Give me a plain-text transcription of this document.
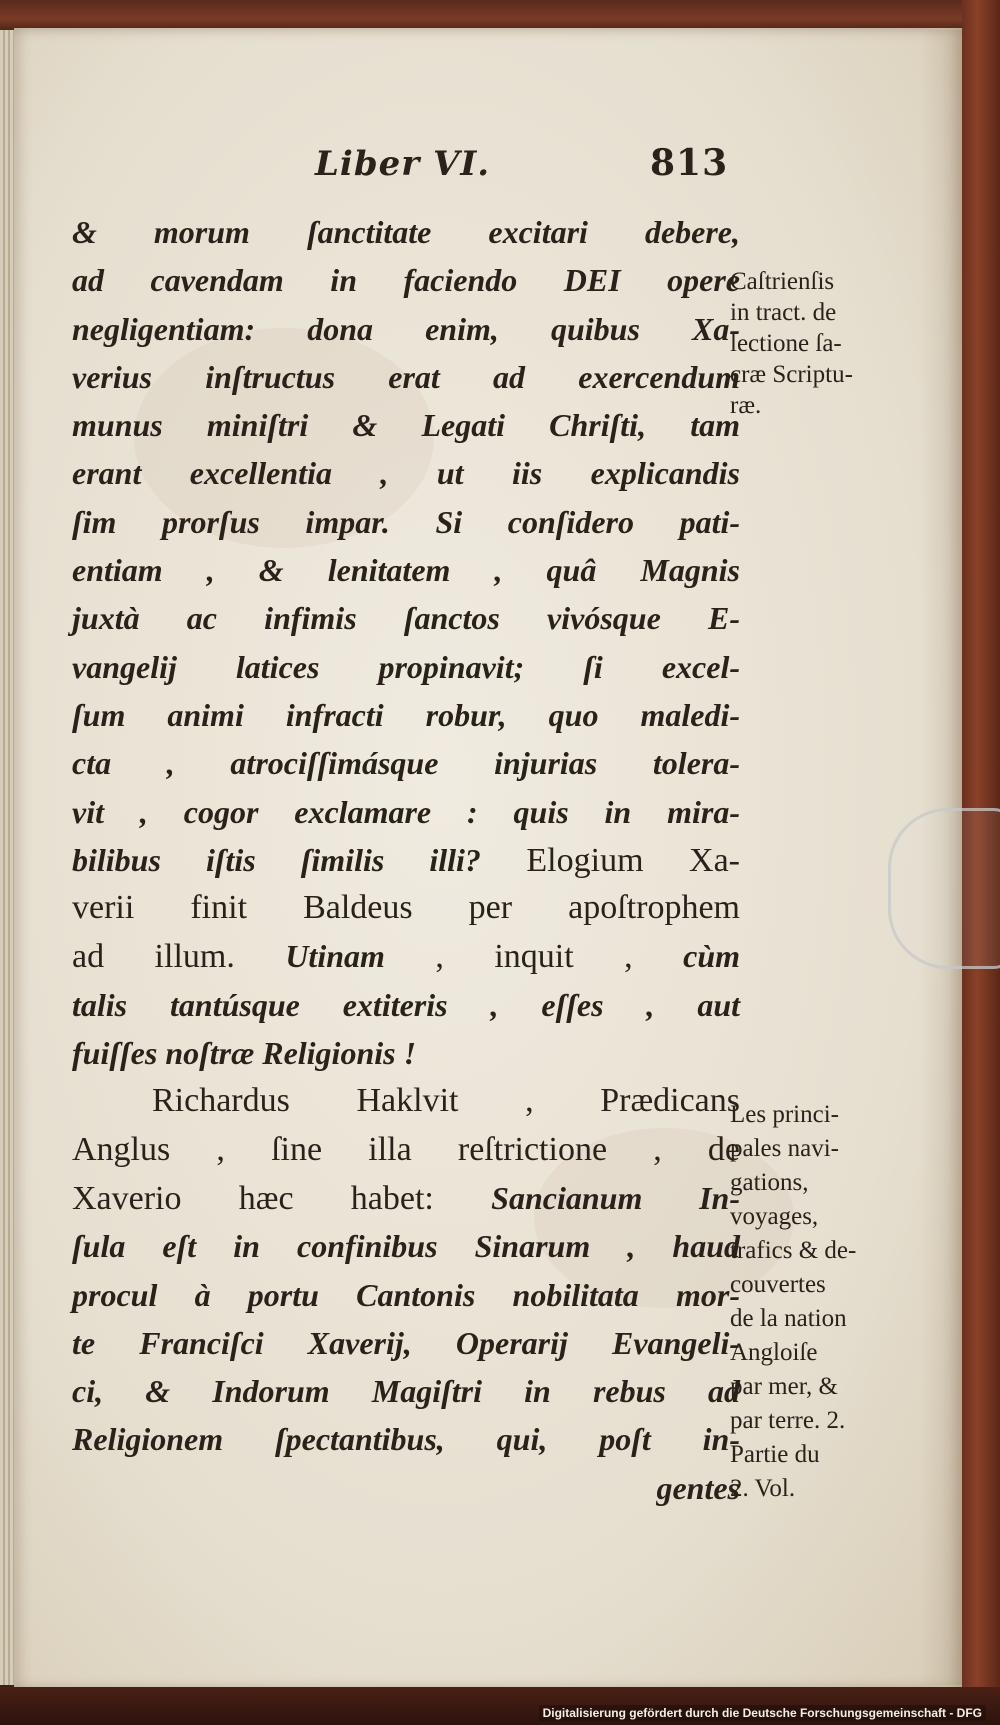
Liber VI.	813
& morum ſanctitate excitari debere,
ad cavendam in faciendo DEI opere
negligentiam: dona enim, quibus Xa-
verius inſtructus erat ad exercendum
munus miniſtri & Legati Chriſti, tam
erant excellentia , ut iis explicandis
ſim prorſus impar. Si conſidero pati-
entiam , & lenitatem , quâ Magnis
juxtà ac infimis ſanctos vivósque E-
vangelij latices propinavit; ſi excel-
ſum animi infracti robur, quo maledi-
cta , atrociſſimásque injurias tolera-
vit , cogor exclamare : quis in mira-
bilibus iſtis ſimilis illi? Elogium Xa-
verii finit Baldeus per apoſtrophem
ad illum. Utinam , inquit , cùm
talis tantúsque extiteris , eſſes , aut
fuiſſes noſtræ Religionis !
Richardus Haklvit , Prædicans
Anglus , ſine illa reſtrictione , de
Xaverio hæc habet: Sancianum In-
ſula eſt in confinibus Sinarum , haud
procul à portu Cantonis nobilitata mor-
te Franciſci Xaverij, Operarij Evangeli-
ci, & Indorum Magiſtri in rebus ad
Religionem ſpectantibus, qui, poſt in-
gentes
Caſtrienſis
in tract. de
lectione ſa-
cræ Scriptu-
ræ.
Les princi-
pales navi-
gations,
voyages,
trafics & de-
couvertes
de la nation
Angloiſe
par mer, &
par terre. 2.
Partie du
2. Vol.
Digitalisierung gefördert durch die Deutsche Forschungsgemeinschaft - DFG
